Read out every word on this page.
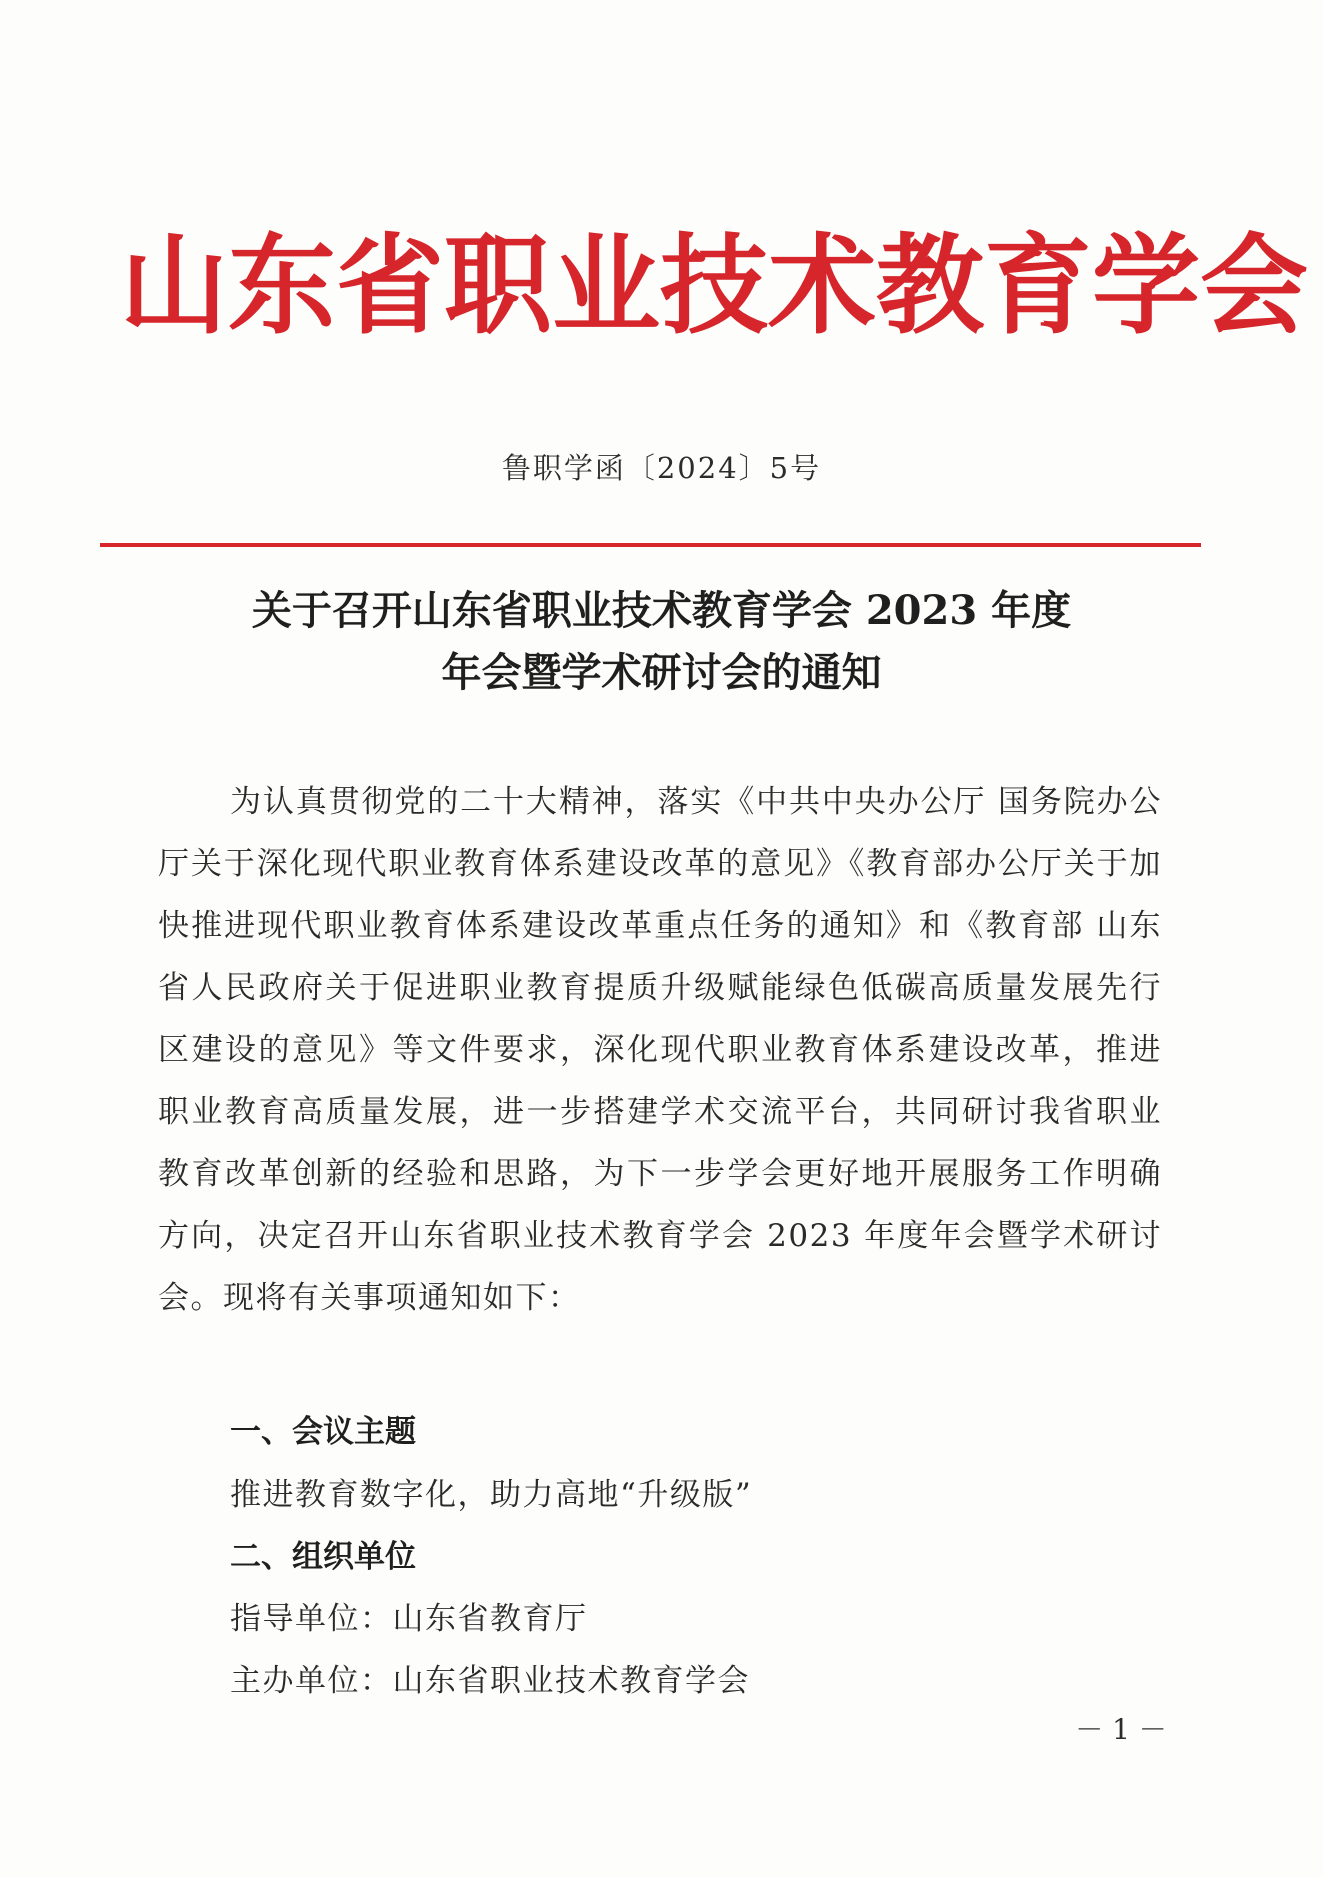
山东省职业技术教育学会
鲁职学函〔2024〕5号
关于召开山东省职业技术教育学会 2023 年度
年会暨学术研讨会的通知

为认真贯彻党的二十大精神，落实《中共中央办公厅 国务院办公厅关于深化现代职业教育体系建设改革的意见》《教育部办公厅关于加快推进现代职业教育体系建设改革重点任务的通知》和《教育部 山东省人民政府关于促进职业教育提质升级赋能绿色低碳高质量发展先行区建设的意见》等文件要求，深化现代职业教育体系建设改革，推进职业教育高质量发展，进一步搭建学术交流平台，共同研讨我省职业教育改革创新的经验和思路，为下一步学会更好地开展服务工作明确方向，决定召开山东省职业技术教育学会 2023 年度年会暨学术研讨会。现将有关事项通知如下：

一、会议主题

推进教育数字化，助力高地“升级版”

二、组织单位

指导单位：山东省教育厅

主办单位：山东省职业技术教育学会

－ 1 －
